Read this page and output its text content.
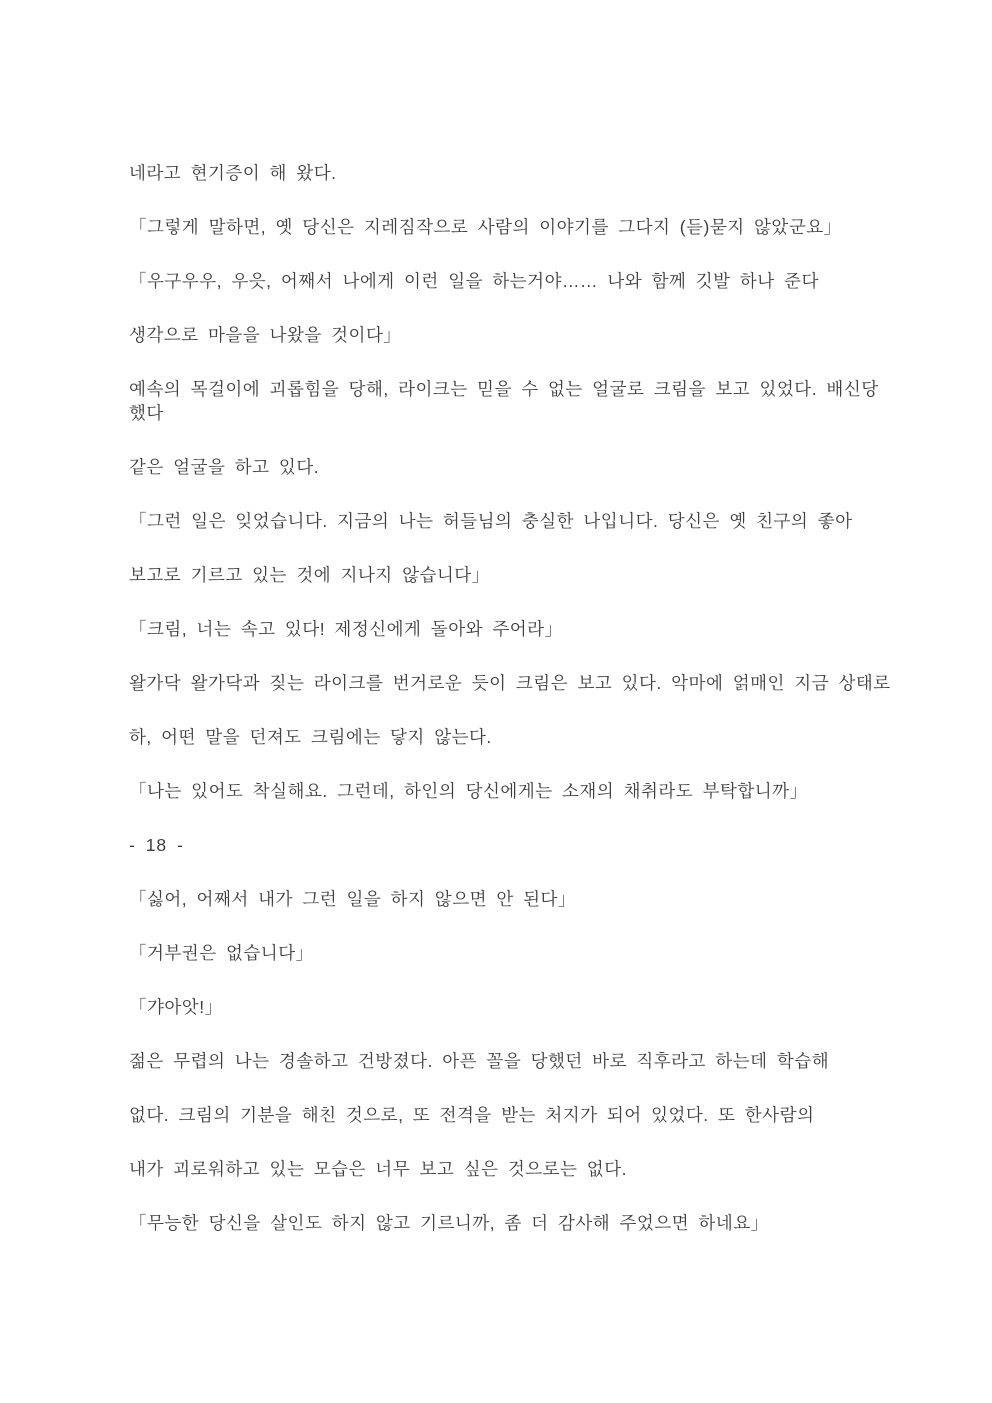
네라고 현기증이 해 왔다.
「그렇게 말하면, 옛 당신은 지레짐작으로 사람의 이야기를 그다지 (듣)묻지 않았군요」
「우구우우, 우읏, 어째서 나에게 이런 일을 하는거야…… 나와 함께 깃발 하나 준다
생각으로 마을을 나왔을 것이다」
예속의 목걸이에 괴롭힘을 당해, 라이크는 믿을 수 없는 얼굴로 크림을 보고 있었다. 배신당
했다
같은 얼굴을 하고 있다.
「그런 일은 잊었습니다. 지금의 나는 허들님의 충실한 나입니다. 당신은 옛 친구의 좋아
보고로 기르고 있는 것에 지나지 않습니다」
「크림, 너는 속고 있다! 제정신에게 돌아와 주어라」
왈가닥 왈가닥과 짖는 라이크를 번거로운 듯이 크림은 보고 있다. 악마에 얽매인 지금 상태로
하, 어떤 말을 던져도 크림에는 닿지 않는다.
「나는 있어도 착실해요. 그런데, 하인의 당신에게는 소재의 채취라도 부탁합니까」
- 18 -
「싫어, 어째서 내가 그런 일을 하지 않으면 안 된다」
「거부권은 없습니다」
「갸아앗!」
젊은 무렵의 나는 경솔하고 건방졌다. 아픈 꼴을 당했던 바로 직후라고 하는데 학습해
없다. 크림의 기분을 해친 것으로, 또 전격을 받는 처지가 되어 있었다. 또 한사람의
내가 괴로워하고 있는 모습은 너무 보고 싶은 것으로는 없다.
「무능한 당신을 살인도 하지 않고 기르니까, 좀 더 감사해 주었으면 하네요」
